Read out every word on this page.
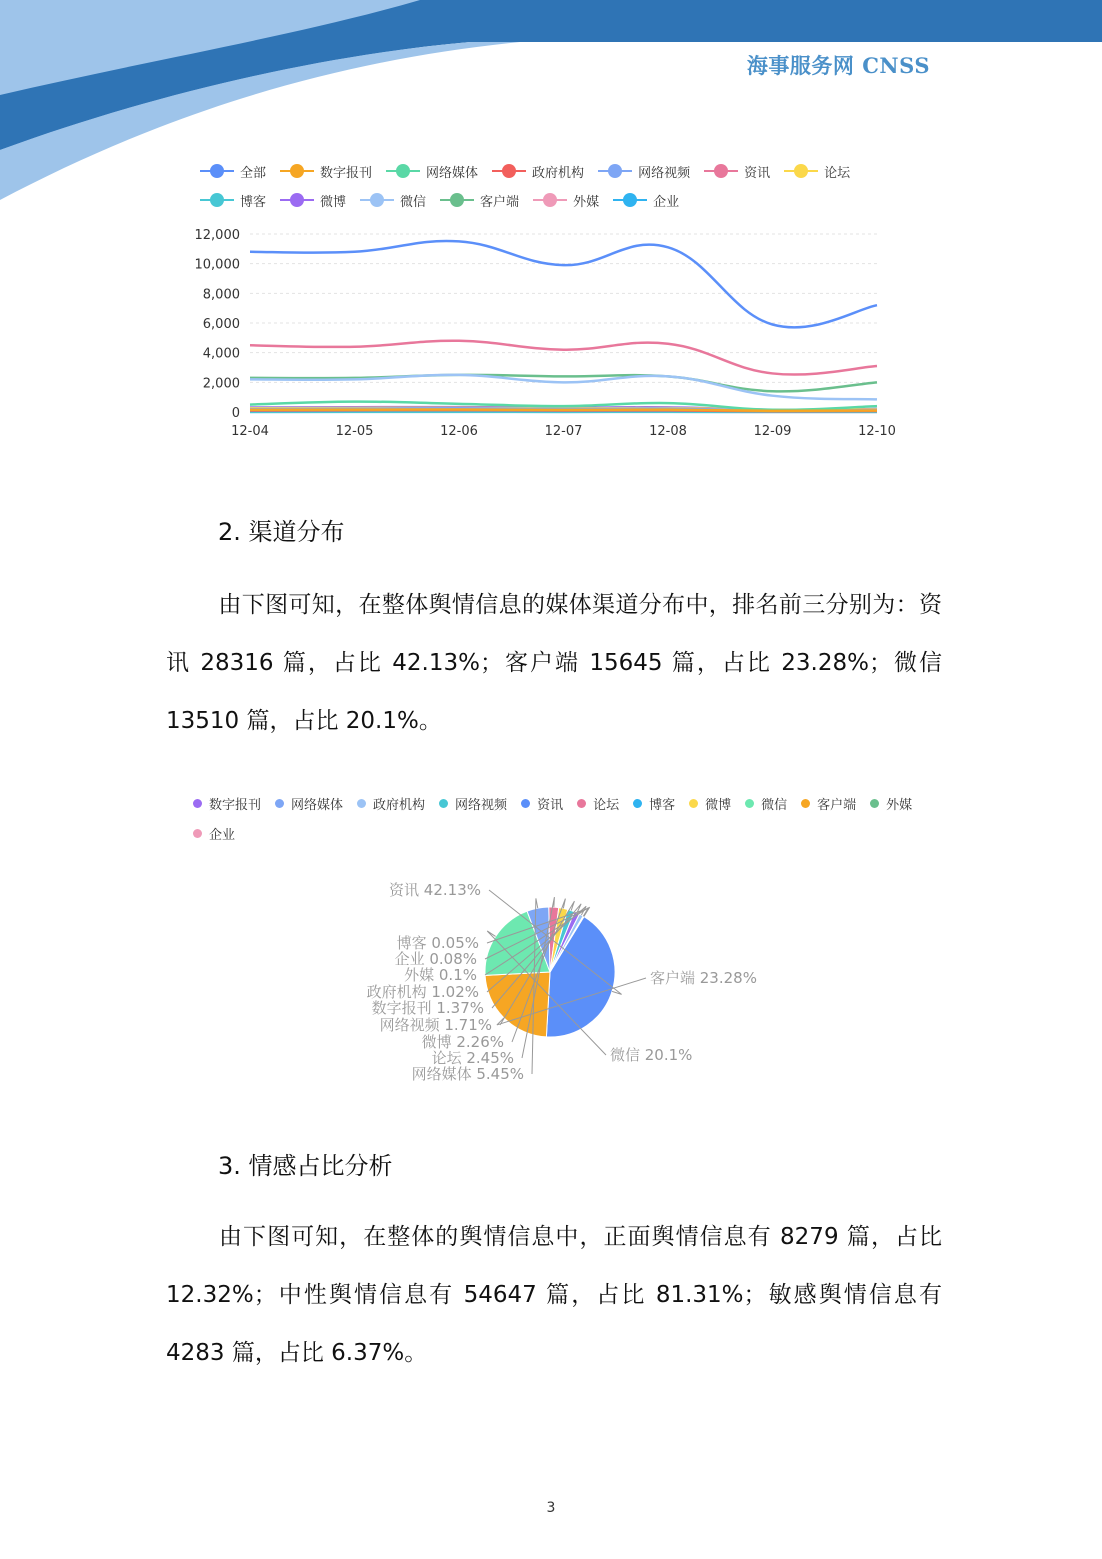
海事服务网 CNSS
全部	数字报刊	网络媒体	政府机构	网络视频	资讯	论坛
博客	微博	微信	客户端	外媒	企业
0
2,000
4,000
6,000
8,000
10,000
12,000
12-04	12-05	12-06	12-07	12-08	12-09	12-10
2. 渠道分布
由下图可知，在整体舆情信息的媒体渠道分布中，排名前三分别为：资讯 28316 篇，占比 42.13%；客户端 15645 篇，占比 23.28%；微信 13510 篇，占比 20.1%。
数字报刊 网络媒体 政府机构 网络视频 资讯 论坛 博客 微博 微信 客户端 外媒
企业
资讯 42.13%
客户端 23.28%
微信 20.1%
网络媒体 5.45%
论坛 2.45%
微博 2.26%
网络视频 1.71%
数字报刊 1.37%
政府机构 1.02%
外媒 0.1%
企业 0.08%
博客 0.05%
3. 情感占比分析
由下图可知，在整体的舆情信息中，正面舆情信息有 8279 篇，占比 12.32%；中性舆情信息有 54647 篇，占比 81.31%；敏感舆情信息有 4283 篇，占比 6.37%。
3
